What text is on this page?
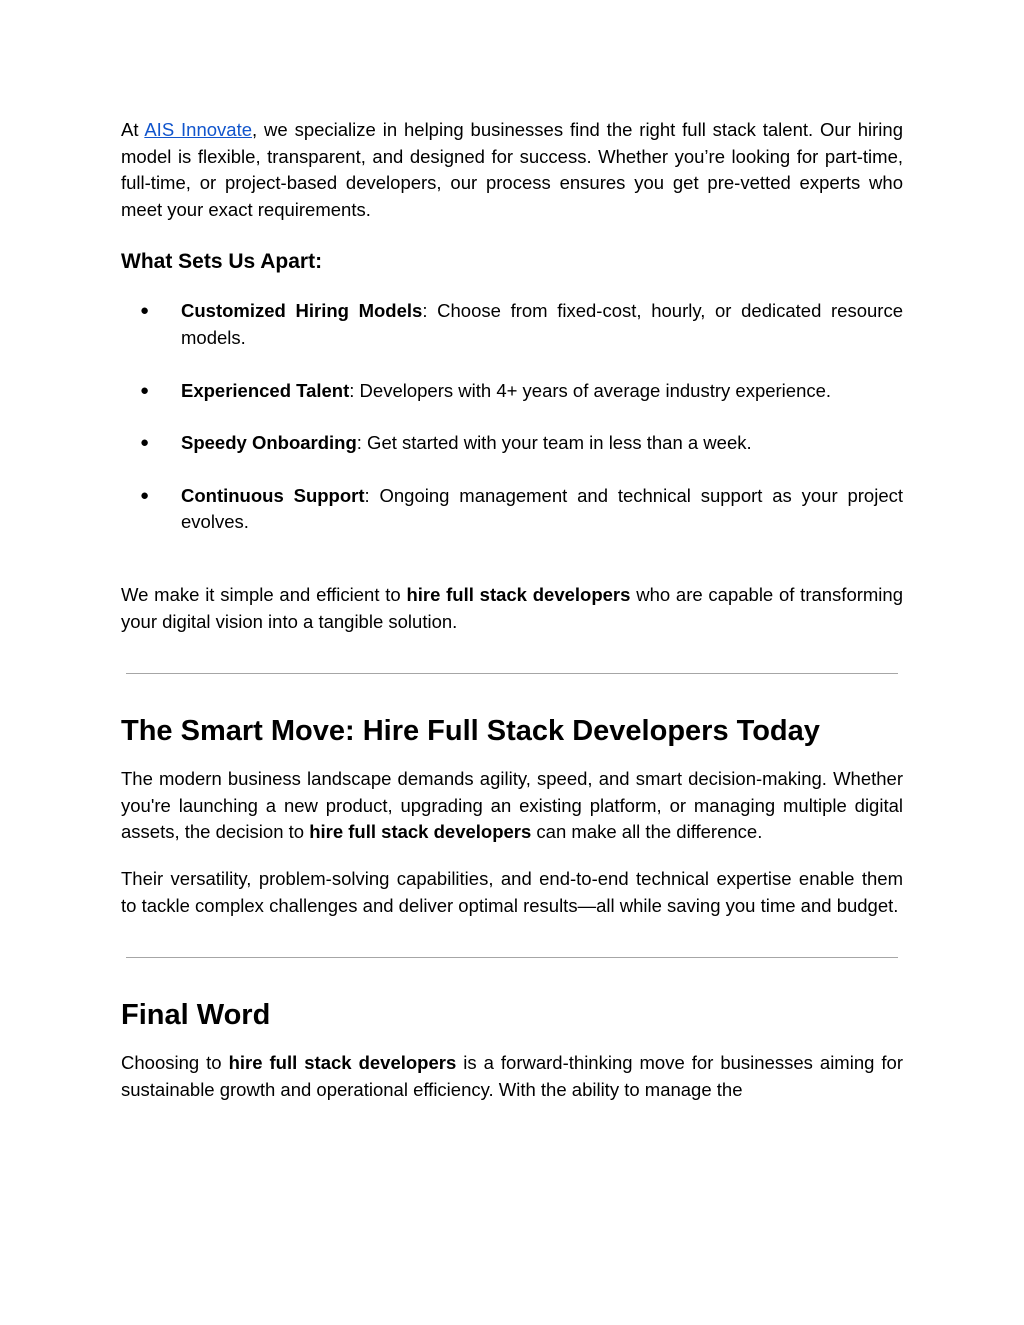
At AIS Innovate, we specialize in helping businesses find the right full stack talent. Our hiring model is flexible, transparent, and designed for success. Whether you’re looking for part-time, full-time, or project-based developers, our process ensures you get pre-vetted experts who meet your exact requirements.

What Sets Us Apart:
● Customized Hiring Models: Choose from fixed-cost, hourly, or dedicated resource models.
● Experienced Talent: Developers with 4+ years of average industry experience.
● Speedy Onboarding: Get started with your team in less than a week.
● Continuous Support: Ongoing management and technical support as your project evolves.

We make it simple and efficient to hire full stack developers who are capable of transforming your digital vision into a tangible solution.

The Smart Move: Hire Full Stack Developers Today

The modern business landscape demands agility, speed, and smart decision-making. Whether you're launching a new product, upgrading an existing platform, or managing multiple digital assets, the decision to hire full stack developers can make all the difference.

Their versatility, problem-solving capabilities, and end-to-end technical expertise enable them to tackle complex challenges and deliver optimal results—all while saving you time and budget.

Final Word

Choosing to hire full stack developers is a forward-thinking move for businesses aiming for sustainable growth and operational efficiency. With the ability to manage the
